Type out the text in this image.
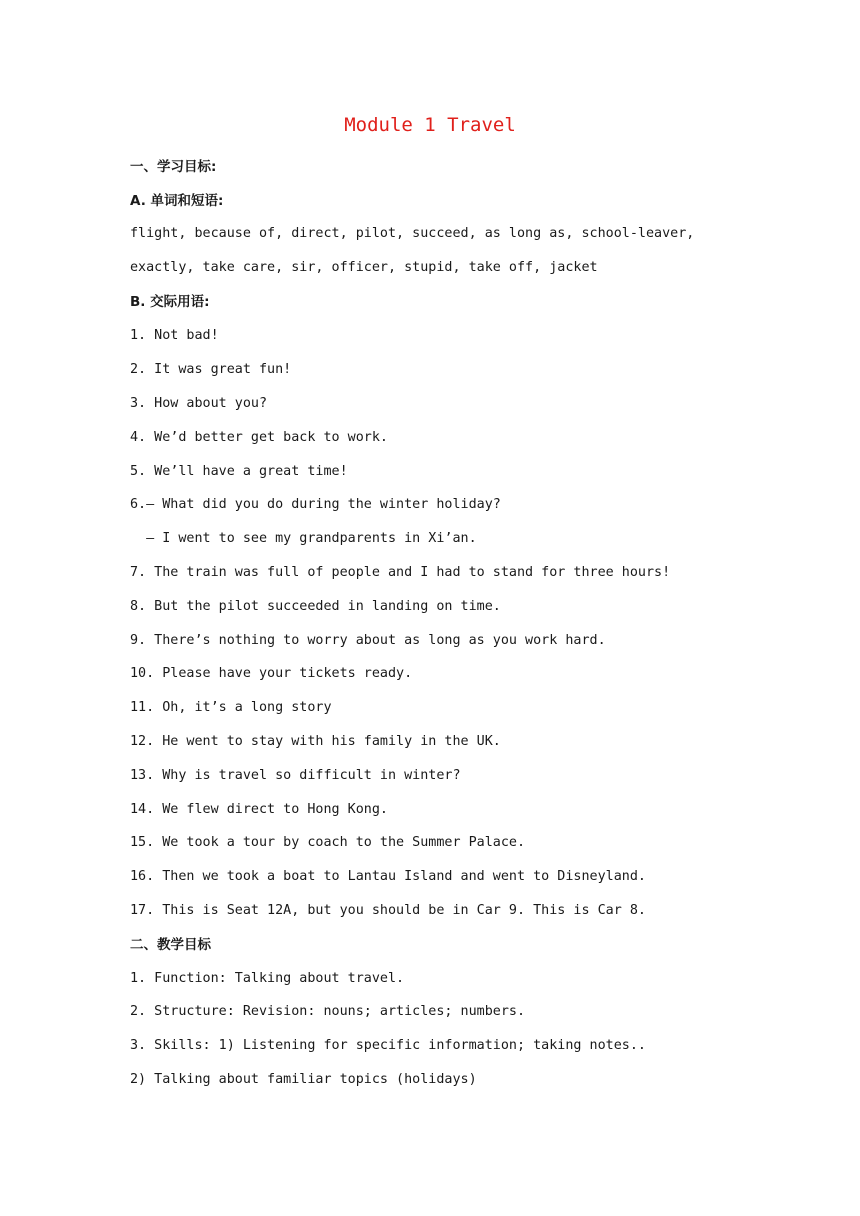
Module 1 Travel
一、学习目标:
A. 单词和短语:
flight, because of, direct, pilot, succeed, as long as, school-leaver, exactly, take care, sir, officer, stupid, take off, jacket
B. 交际用语:
1. Not bad!
2. It was great fun!
3. How about you?
4. We’d better get back to work.
5. We’ll have a great time!
6.— What did you do during the winter holiday?
— I went to see my grandparents in Xi’an.
7. The train was full of people and I had to stand for three hours!
8. But the pilot succeeded in landing on time.
9. There’s nothing to worry about as long as you work hard.
10. Please have your tickets ready.
11. Oh, it’s a long story
12. He went to stay with his family in the UK.
13. Why is travel so difficult in winter?
14. We flew direct to Hong Kong.
15. We took a tour by coach to the Summer Palace.
16. Then we took a boat to Lantau Island and went to Disneyland.
17. This is Seat 12A, but you should be in Car 9. This is Car 8.
二、教学目标
1. Function: Talking about travel.
2. Structure: Revision: nouns; articles; numbers.
3. Skills: 1) Listening for specific information; taking notes..
2) Talking about familiar topics (holidays)
